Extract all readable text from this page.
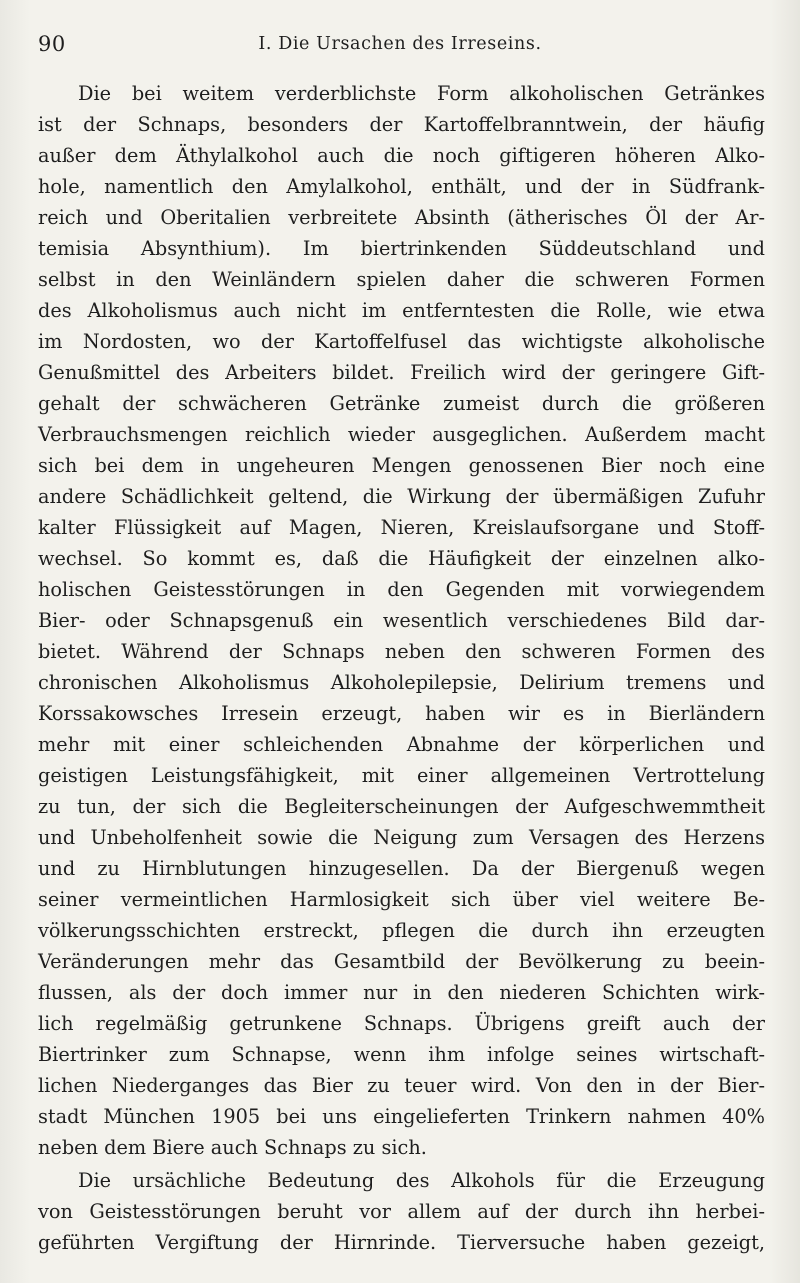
90	I. Die Ursachen des Irreseins.
Die bei weitem verderblichste Form alkoholischen Getränkes
ist der Schnaps, besonders der Kartoffelbranntwein, der häufig
außer dem Äthylalkohol auch die noch giftigeren höheren Alko-
hole, namentlich den Amylalkohol, enthält, und der in Südfrank-
reich und Oberitalien verbreitete Absinth (ätherisches Öl der Ar-
temisia Absynthium). Im biertrinkenden Süddeutschland und
selbst in den Weinländern spielen daher die schweren Formen
des Alkoholismus auch nicht im entferntesten die Rolle, wie etwa
im Nordosten, wo der Kartoffelfusel das wichtigste alkoholische
Genußmittel des Arbeiters bildet. Freilich wird der geringere Gift-
gehalt der schwächeren Getränke zumeist durch die größeren
Verbrauchsmengen reichlich wieder ausgeglichen. Außerdem macht
sich bei dem in ungeheuren Mengen genossenen Bier noch eine
andere Schädlichkeit geltend, die Wirkung der übermäßigen Zufuhr
kalter Flüssigkeit auf Magen, Nieren, Kreislaufsorgane und Stoff-
wechsel. So kommt es, daß die Häufigkeit der einzelnen alko-
holischen Geistesstörungen in den Gegenden mit vorwiegendem
Bier- oder Schnapsgenuß ein wesentlich verschiedenes Bild dar-
bietet. Während der Schnaps neben den schweren Formen des
chronischen Alkoholismus Alkoholepilepsie, Delirium tremens und
Korssakowsches Irresein erzeugt, haben wir es in Bierländern
mehr mit einer schleichenden Abnahme der körperlichen und
geistigen Leistungsfähigkeit, mit einer allgemeinen Vertrottelung
zu tun, der sich die Begleiterscheinungen der Aufgeschwemmtheit
und Unbeholfenheit sowie die Neigung zum Versagen des Herzens
und zu Hirnblutungen hinzugesellen. Da der Biergenuß wegen
seiner vermeintlichen Harmlosigkeit sich über viel weitere Be-
völkerungsschichten erstreckt, pflegen die durch ihn erzeugten
Veränderungen mehr das Gesamtbild der Bevölkerung zu beein-
flussen, als der doch immer nur in den niederen Schichten wirk-
lich regelmäßig getrunkene Schnaps. Übrigens greift auch der
Biertrinker zum Schnapse, wenn ihm infolge seines wirtschaft-
lichen Niederganges das Bier zu teuer wird. Von den in der Bier-
stadt München 1905 bei uns eingelieferten Trinkern nahmen 40%
neben dem Biere auch Schnaps zu sich.
Die ursächliche Bedeutung des Alkohols für die Erzeugung
von Geistesstörungen beruht vor allem auf der durch ihn herbei-
geführten Vergiftung der Hirnrinde. Tierversuche haben gezeigt,
